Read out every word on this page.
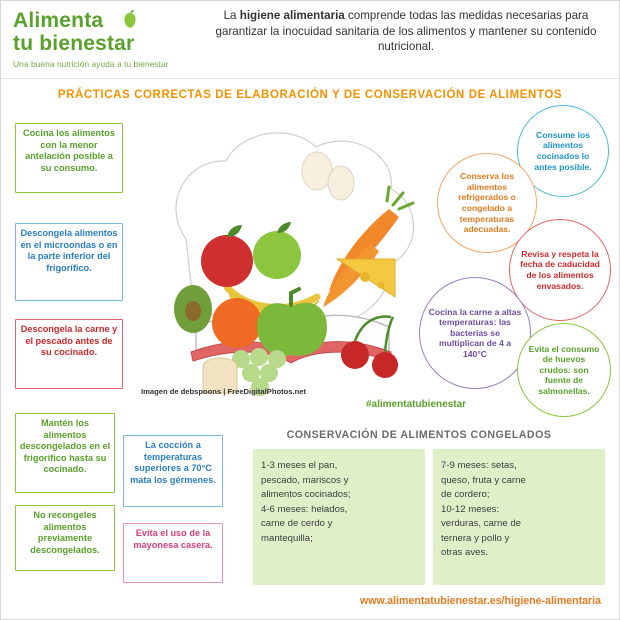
Alimenta
tu bienestar
Una buena nutrición ayuda a tu bienestar
La higiene alimentaria comprende todas las medidas necesarias para garantizar la inocuidad sanitaria de los alimentos y mantener su contenido nutricional.
PRÁCTICAS CORRECTAS DE ELABORACIÓN Y DE CONSERVACIÓN DE ALIMENTOS
Imagen de debspoons | FreeDigitalPhotos.net
#alimentatubienestar
Cocina los alimentos con la menor antelación posible a su consumo.
Descongela alimentos en el microondas o en la parte inferior del frigorífico.
Descongela la carne y el pescado antes de su cocinado.
Mantén los alimentos descongelados en el frigorífico hasta su cocinado.
La cocción a temperaturas superiores a 70°C mata los gérmenes.
No recongeles alimentos previamente descongelados.
Evita el uso de la mayonesa casera.
Consume los alimentos cocinados lo antes posible.
Conserva los alimentos refrigerados o congelado a temperaturas adecuadas.
Revisa y respeta la fecha de caducidad de los alimentos envasados.
Cocina la carne a altas temperaturas: las bacterias se multiplican de 4 a 140°C
Evita el consumo de huevos crudos: son fuente de salmonellas.
CONSERVACIÓN DE ALIMENTOS CONGELADOS
1-3 meses el pan,
pescado, mariscos y
alimentos cocinados;
4-6 meses: helados,
carne de cerdo y
mantequilla;
7-9 meses: setas,
queso, fruta y carne
de cordero;
10-12 meses:
verduras, carne de
ternera y pollo y
otras aves.
www.alimentatubienestar.es/higiene-alimentaria
